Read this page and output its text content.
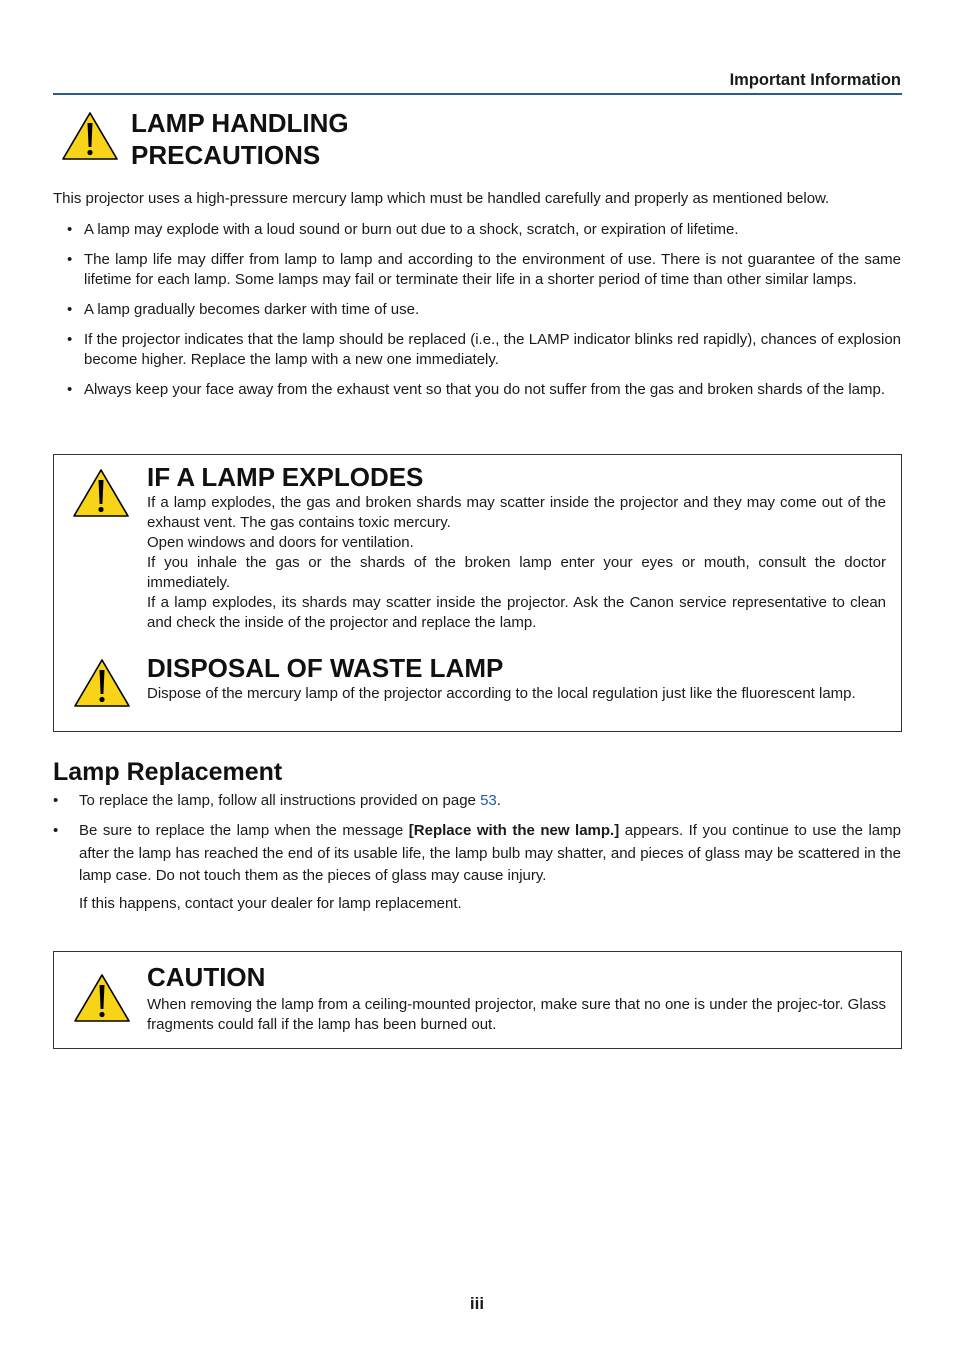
Important Information
LAMP HANDLING
PRECAUTIONS

This projector uses a high-pressure mercury lamp which must be handled carefully and properly as mentioned below.

• A lamp may explode with a loud sound or burn out due to a shock, scratch, or expiration of lifetime.
• The lamp life may differ from lamp to lamp and according to the environment of use. There is not guarantee of the same lifetime for each lamp. Some lamps may fail or terminate their life in a shorter period of time than other similar lamps.
• A lamp gradually becomes darker with time of use.
• If the projector indicates that the lamp should be replaced (i.e., the LAMP indicator blinks red rapidly), chances of explosion become higher. Replace the lamp with a new one immediately.
• Always keep your face away from the exhaust vent so that you do not suffer from the gas and broken shards of the lamp.
IF A LAMP EXPLODES
If a lamp explodes, the gas and broken shards may scatter inside the projector and they may come out of the exhaust vent. The gas contains toxic mercury.
Open windows and doors for ventilation.
If you inhale the gas or the shards of the broken lamp enter your eyes or mouth, consult the doctor immediately.
If a lamp explodes, its shards may scatter inside the projector. Ask the Canon service representative to clean and check the inside of the projector and replace the lamp.
DISPOSAL OF WASTE LAMP
Dispose of the mercury lamp of the projector according to the local regulation just like the fluorescent lamp.
Lamp Replacement
• To replace the lamp, follow all instructions provided on page 53.
• Be sure to replace the lamp when the message [Replace with the new lamp.] appears. If you continue to use the lamp after the lamp has reached the end of its usable life, the lamp bulb may shatter, and pieces of glass may be scattered in the lamp case. Do not touch them as the pieces of glass may cause injury.
If this happens, contact your dealer for lamp replacement.
CAUTION
When removing the lamp from a ceiling-mounted projector, make sure that no one is under the projec-tor. Glass fragments could fall if the lamp has been burned out.
iii
